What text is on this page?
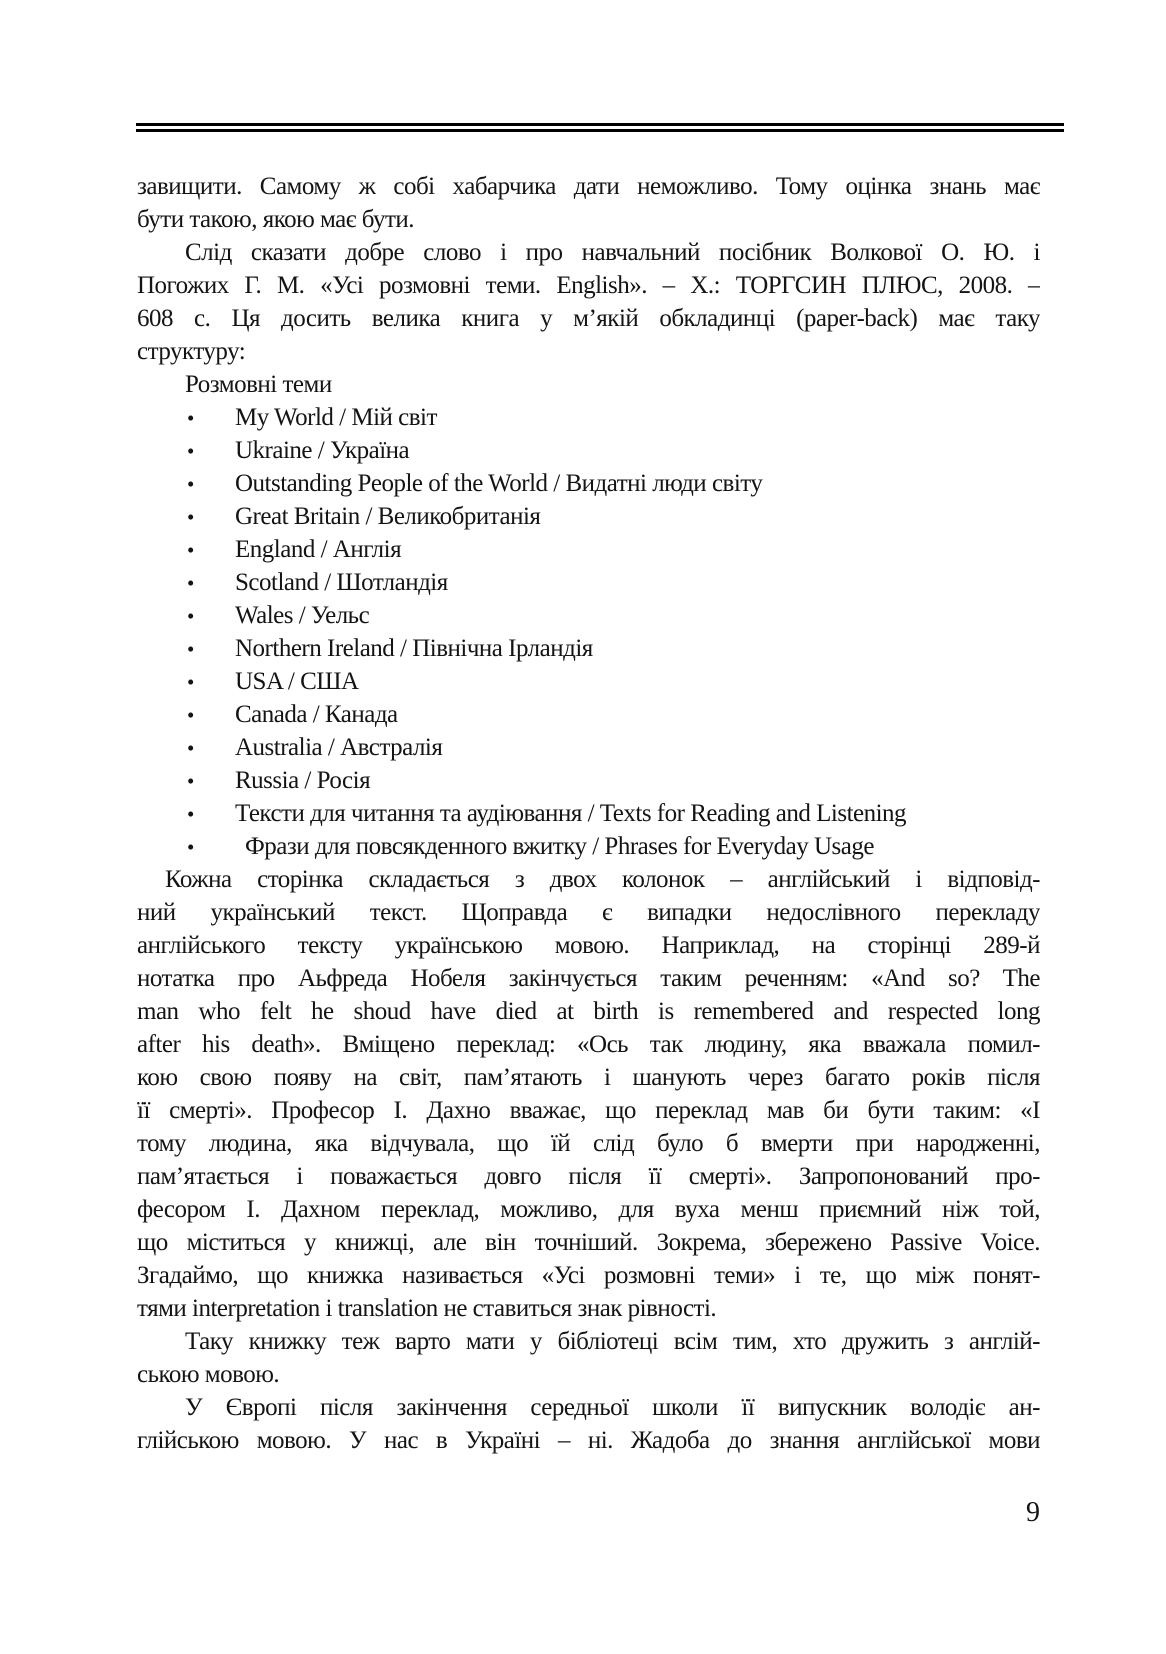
завищити. Самому ж собі хабарчика дати неможливо. Тому оцінка знань має
бути такою, якою має бути.
Слід сказати добре слово і про навчальний посібник Волкової О. Ю. і
Погожих Г. М. «Усі розмовні теми. English». – Х.: ТОРГСИН ПЛЮС, 2008. –
608 с. Ця досить велика книга у м’якій обкладинці (paper-back) має таку
структуру:
Розмовні теми
• My World / Мій світ
• Ukraine / Україна
• Outstanding People of the World / Видатні люди світу
• Great Britain / Великобританія
• England / Англія
• Scotland / Шотландія
• Wales / Уельс
• Northern Ireland / Північна Ірландія
• USA / США
• Canada / Канада
• Australia / Австралія
• Russia / Росія
• Тексти для читання та аудіювання / Texts for Reading and Listening
• Фрази для повсякденного вжитку / Phrases for Everyday Usage
Кожна сторінка складається з двох колонок – англійський і відповід-
ний український текст. Щоправда є випадки недослівного перекладу
англійського тексту українською мовою. Наприклад, на сторінці 289-й
нотатка про Аьфреда Нобеля закінчується таким реченням: «And so? The
man who felt he shoud have died at birth is remembered and respected long
after his death». Вміщено переклад: «Ось так людину, яка вважала помил-
кою свою появу на світ, пам’ятають і шанують через багато років після
її смерті». Професор І. Дахно вважає, що переклад мав би бути таким: «І
тому людина, яка відчувала, що їй слід було б вмерти при народженні,
пам’ятається і поважається довго після її смерті». Запропонований про-
фесором І. Дахном переклад, можливо, для вуха менш приємний ніж той,
що міститься у книжці, але він точніший. Зокрема, збережено Passive Voice.
Згадаймо, що книжка називається «Усі розмовні теми» і те, що між понят-
тями interpretation і translation не ставиться знак рівності.
Таку книжку теж варто мати у бібліотеці всім тим, хто дружить з англій-
ською мовою.
У Європі після закінчення середньої школи її випускник володіє ан-
глійською мовою. У нас в Україні – ні. Жадоба до знання англійської мови
9
